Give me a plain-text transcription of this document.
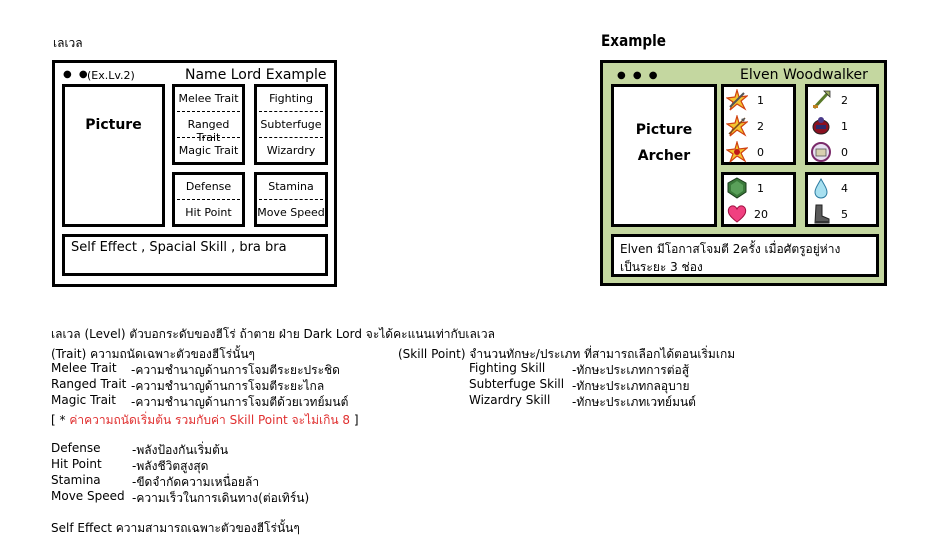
เลเวล
● ●
(Ex.Lv.2)	Name Lord Example
Picture
Melee Trait
Ranged Trait
Magic Trait
Fighting
Subterfuge
Wizardry
Defense
Hit Point
Stamina
Move Speed
Self Effect , Spacial Skill , bra bra
Example
● ● ●	Elven Woodwalker
Picture
Archer
1
2
0
2
1
0
1
20
4
5
Elven มีโอกาสโจมตี 2ครั้ง เมื่อศัตรูอยู่ห่าง
เป็นระยะ 3 ช่อง
เลเวล (Level) ตัวบอกระดับของฮีโร่ ถ้าตาย ฝ่าย Dark Lord จะได้คะแนนเท่ากับเลเวล
(Trait) ความถนัดเฉพาะตัวของฮีโร่นั้นๆ
Melee Trait -ความชำนาญด้านการโจมตีระยะประชิด
Ranged Trait -ความชำนาญด้านการโจมตีระยะไกล
Magic Trait -ความชำนาญด้านการโจมตีด้วยเวทย์มนต์
[ * ค่าความถนัดเริ่มต้น รวมกับค่า Skill Point จะไม่เกิน 8 ]
(Skill Point) จำนวนทักษะ/ประเภท ที่สามารถเลือกได้ตอนเริ่มเกม
Fighting Skill -ทักษะประเภทการต่อสู้
Subterfuge Skill -ทักษะประเภทกลอุบาย
Wizardry Skill -ทักษะประเภทเวทย์มนต์
Defense	-พลังป้องกันเริ่มต้น
Hit Point	-พลังชีวิตสูงสุด
Stamina	-ขีดจำกัดความเหนื่อยล้า
Move Speed -ความเร็วในการเดินทาง(ต่อเทิร์น)
Self Effect ความสามารถเฉพาะตัวของฮีโร่นั้นๆ
